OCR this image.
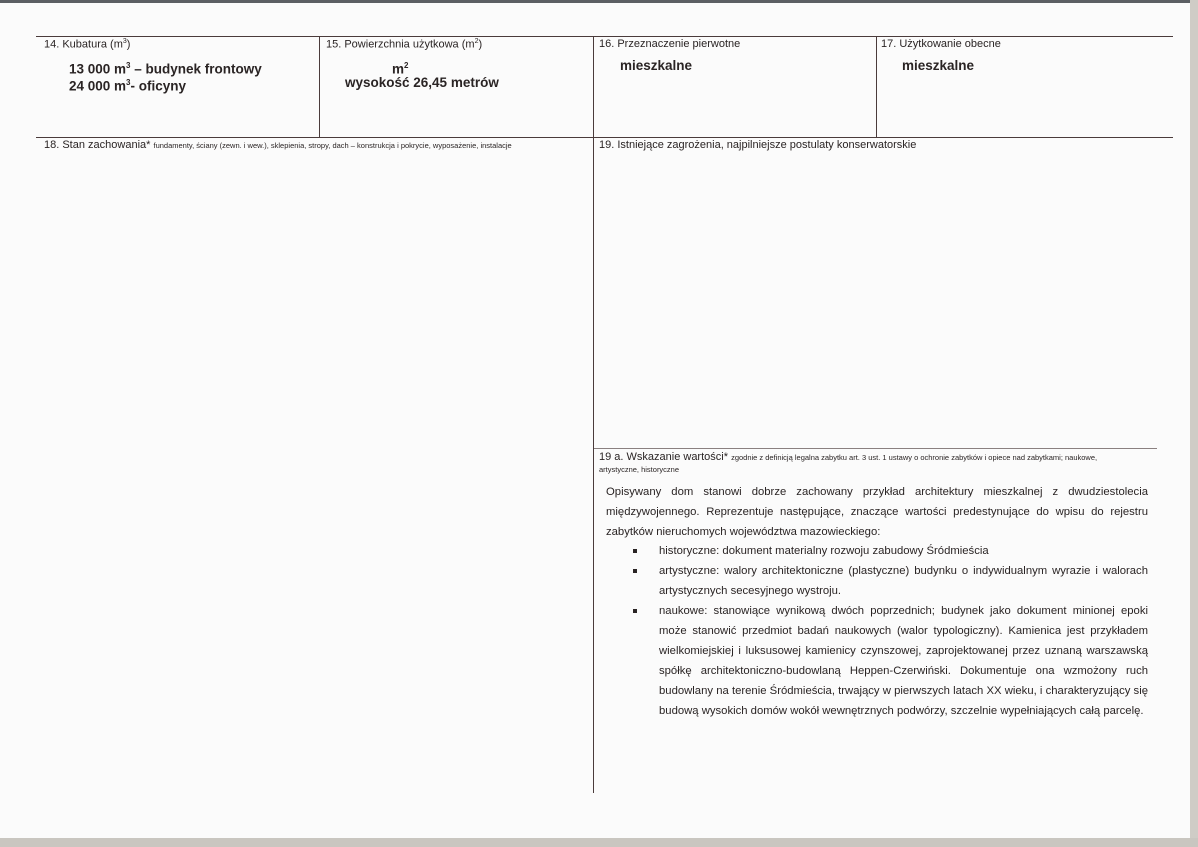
14. Kubatura $(m^3)$
13 000 $m^3$ – budynek frontowy
24 000 $m^3-$ oficyny
15. Powierzchnia użytkowa $(m^2)$
$m^2$
wysokość 26,45 metrów
16. Przeznaczenie pierwotne
mieszkalne
17. Użytkowanie obecne
mieszkalne
18. Stan zachowania* fundamenty, ściany (zewn. i wew.), sklepienia, stropy, dach – konstrukcja i pokrycie, wyposażenie, instalacje	19. Istniejące zagrożenia, najpilniejsze postulaty konserwatorskie
19 a. Wskazanie wartości* zgodnie z definicją legalna zabytku art. 3 ust. 1 ustawy o ochronie zabytków i opiece nad zabytkami; naukowe,
artystyczne, historyczne

Opisywany dom stanowi dobrze zachowany przykład architektury mieszkalnej z dwudziestolecia międzywojennego. Reprezentuje następujące, znaczące wartości predestynujące do wpisu do rejestru zabytków nieruchomych województwa mazowieckiego:

historyczne: dokument materialny rozwoju zabudowy Śródmieścia
artystyczne: walory architektoniczne (plastyczne) budynku o indywidualnym wyrazie i walorach artystycznych secesyjnego wystroju.
naukowe: stanowiące wynikową dwóch poprzednich; budynek jako dokument minionej epoki może stanowić przedmiot badań naukowych (walor typologiczny). Kamienica jest przykładem wielkomiejskiej i luksusowej kamienicy czynszowej, zaprojektowanej przez uznaną warszawską spółkę architektoniczno-budowlaną Heppen-Czerwiński. Dokumentuje ona wzmożony ruch budowlany na terenie Śródmieścia, trwający w pierwszych latach XX wieku, i charakteryzujący się budową wysokich domów wokół wewnętrznych podwórzy, szczelnie wypełniających całą parcelę.
